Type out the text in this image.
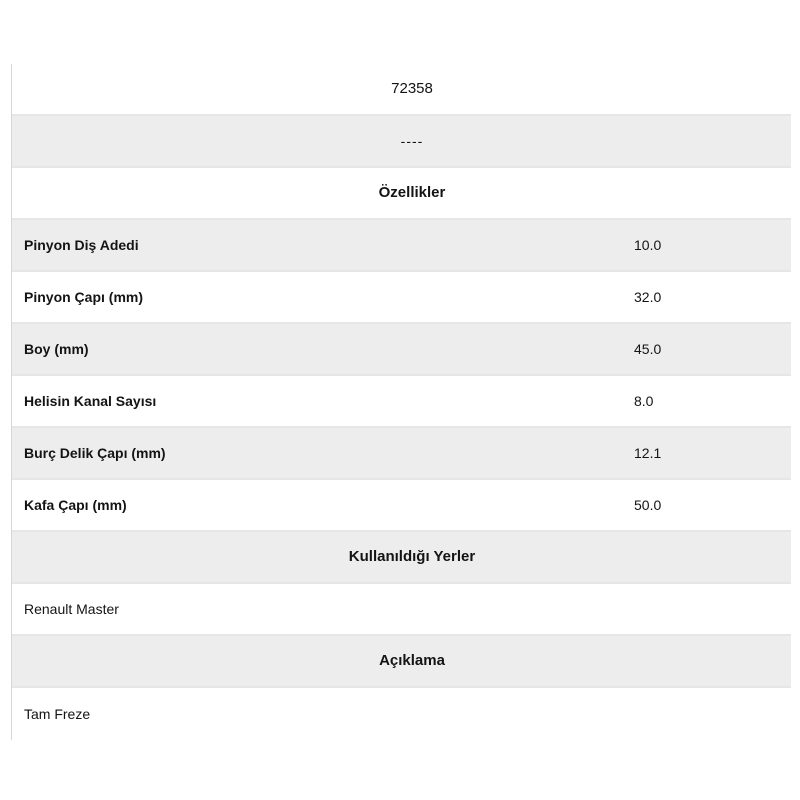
72358
----
Özellikler
Pinyon Diş Adedi	10.0
Pinyon Çapı (mm)	32.0
Boy (mm)	45.0
Helisin Kanal Sayısı	8.0
Burç Delik Çapı (mm)	12.1
Kafa Çapı (mm)	50.0
Kullanıldığı Yerler
Renault Master
Açıklama
Tam Freze
